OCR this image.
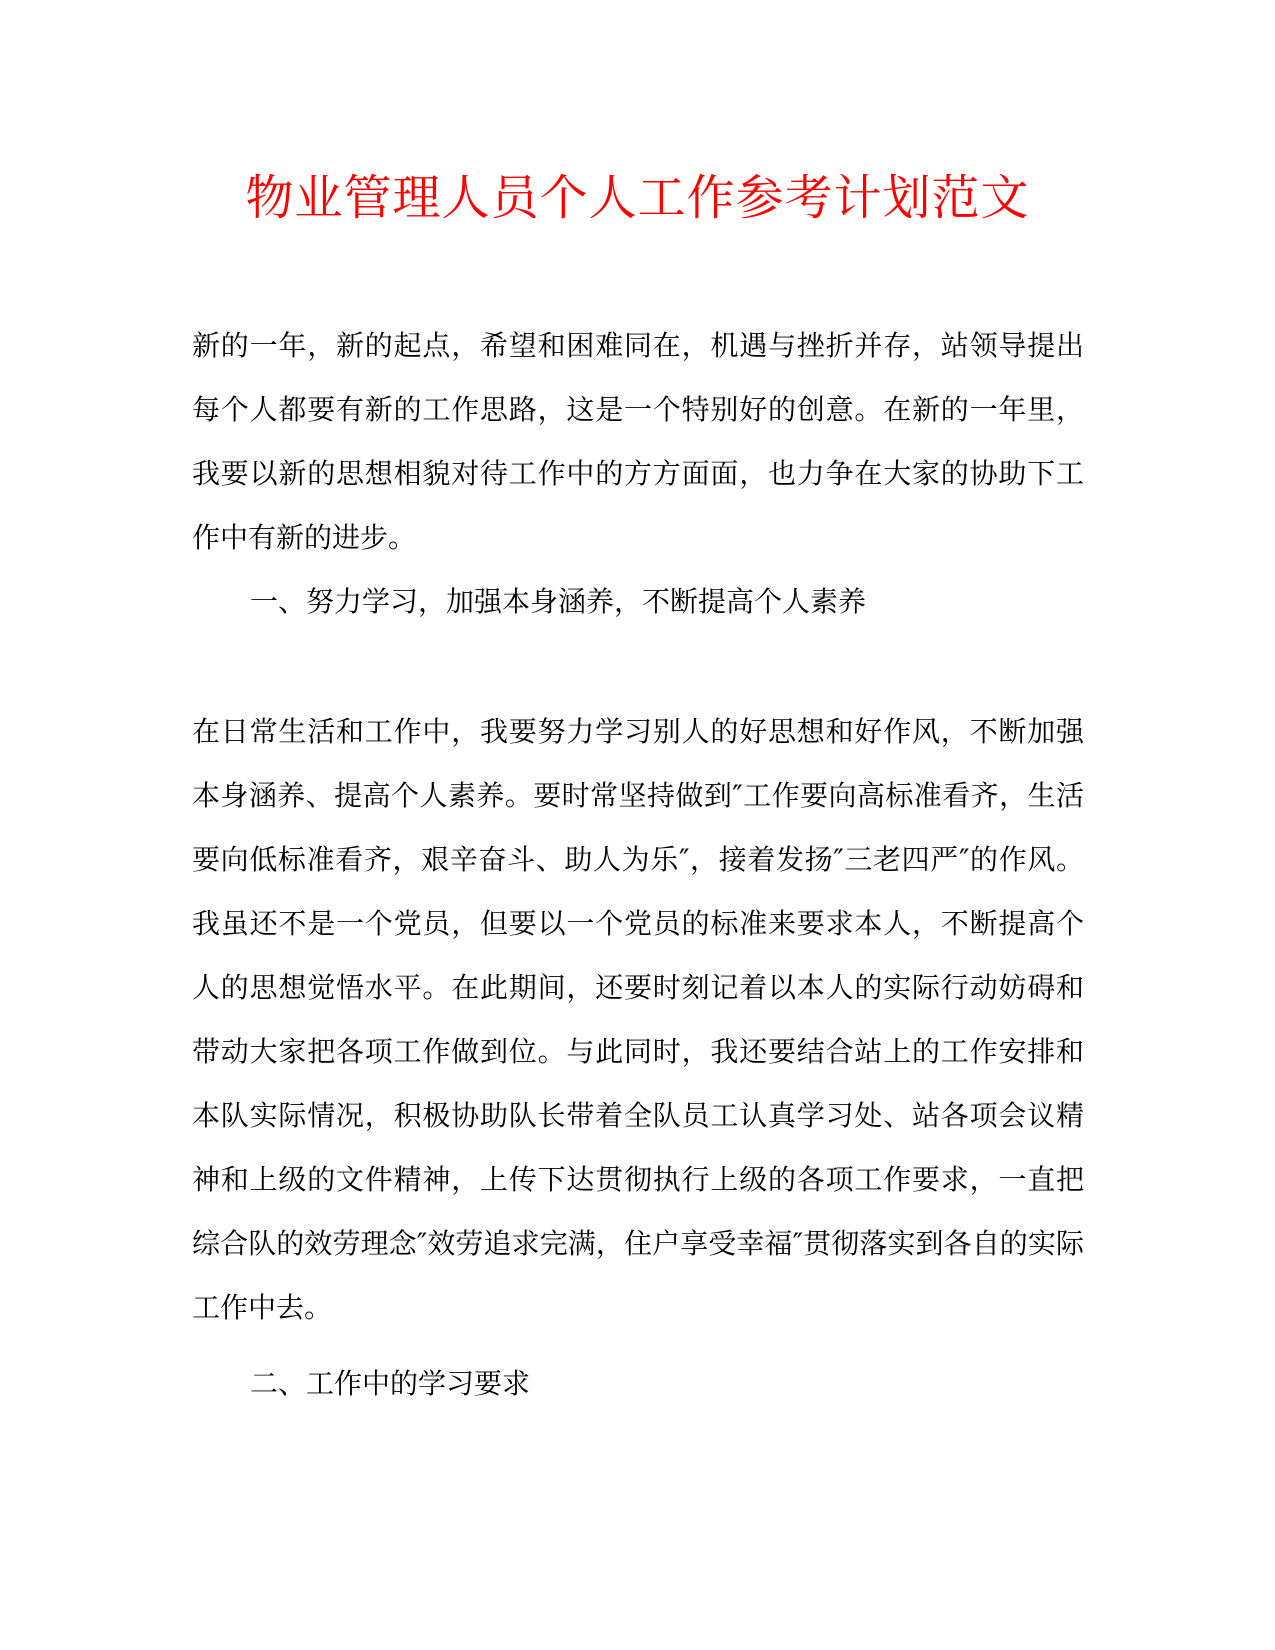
物业管理人员个人工作参考计划范文

新的一年，新的起点，希望和困难同在，机遇与挫折并存，站领导提出每个人都要有新的工作思路，这是一个特别好的创意。在新的一年里，我要以新的思想相貌对待工作中的方方面面，也力争在大家的协助下工作中有新的进步。

一、努力学习，加强本身涵养，不断提高个人素养

在日常生活和工作中，我要努力学习别人的好思想和好作风，不断加强本身涵养、提高个人素养。要时常坚持做到″工作要向高标准看齐，生活要向低标准看齐，艰辛奋斗、助人为乐″，接着发扬″三老四严″的作风。我虽还不是一个党员，但要以一个党员的标准来要求本人，不断提高个人的思想觉悟水平。在此期间，还要时刻记着以本人的实际行动妨碍和带动大家把各项工作做到位。与此同时，我还要结合站上的工作安排和本队实际情况，积极协助队长带着全队员工认真学习处、站各项会议精神和上级的文件精神，上传下达贯彻执行上级的各项工作要求，一直把综合队的效劳理念″效劳追求完满，住户享受幸福″贯彻落实到各自的实际工作中去。

二、工作中的学习要求
